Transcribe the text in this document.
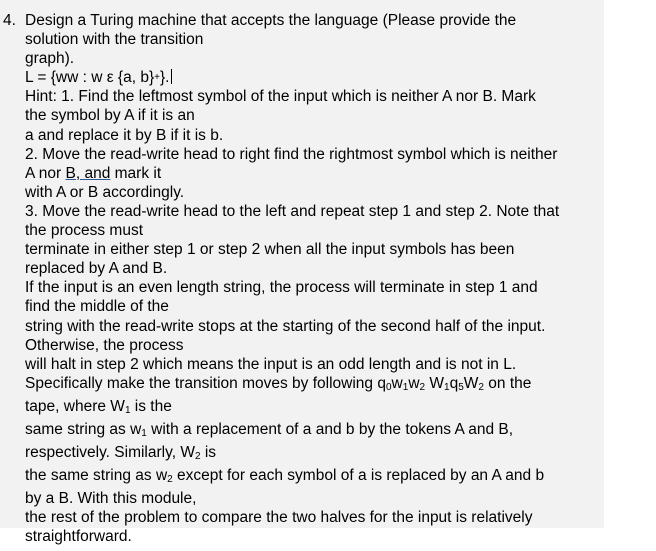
4. Design a Turing machine that accepts the language (Please provide the
solution with the transition
graph).
L = {ww : w ε {a, b}+}.
Hint: 1. Find the leftmost symbol of the input which is neither A nor B. Mark
the symbol by A if it is an
a and replace it by B if it is b.
2. Move the read-write head to right find the rightmost symbol which is neither
A nor B, and mark it
with A or B accordingly.
3. Move the read-write head to the left and repeat step 1 and step 2. Note that
the process must
terminate in either step 1 or step 2 when all the input symbols has been
replaced by A and B.
If the input is an even length string, the process will terminate in step 1 and
find the middle of the
string with the read-write stops at the starting of the second half of the input.
Otherwise, the process
will halt in step 2 which means the input is an odd length and is not in L.
Specifically make the transition moves by following $q_0w_1w_2$ $W_1q_5W_2$ on the
tape, where $W_1$ is the
same string as $w_1$ with a replacement of a and b by the tokens A and B,
respectively. Similarly, $W_2$ is
the same string as $w_2$ except for each symbol of a is replaced by an A and b
by a B. With this module,
the rest of the problem to compare the two halves for the input is relatively
straightforward.
